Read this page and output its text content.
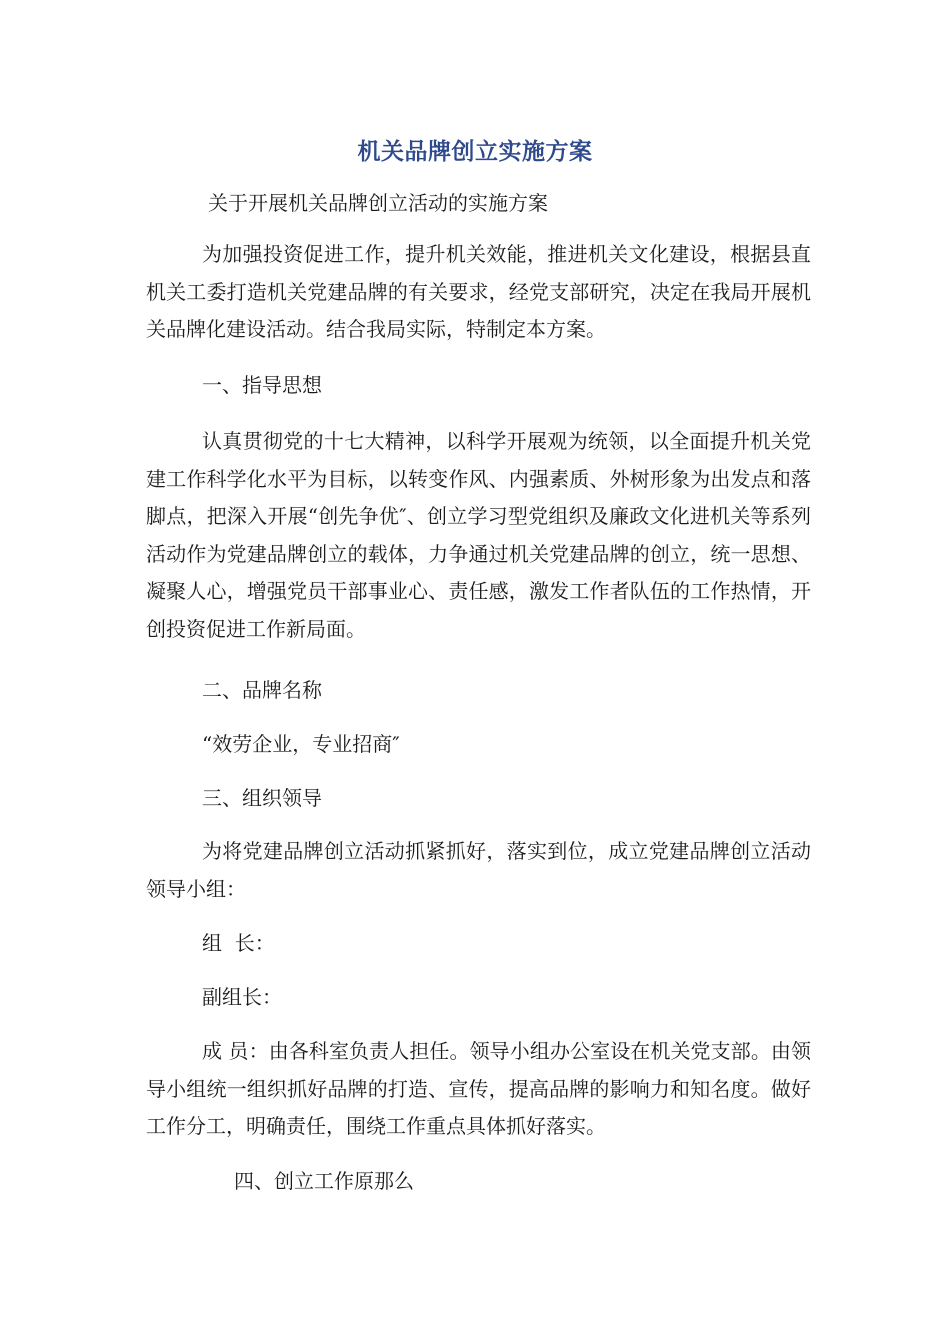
机关品牌创立实施方案

关于开展机关品牌创立活动的实施方案

为加强投资促进工作，提升机关效能，推进机关文化建设，根据县直机关工委打造机关党建品牌的有关要求，经党支部研究，决定在我局开展机关品牌化建设活动。结合我局实际，特制定本方案。

一、指导思想

认真贯彻党的十七大精神，以科学开展观为统领，以全面提升机关党建工作科学化水平为目标，以转变作风、内强素质、外树形象为出发点和落脚点，把深入开展“创先争优″、创立学习型党组织及廉政文化进机关等系列活动作为党建品牌创立的载体，力争通过机关党建品牌的创立，统一思想、凝聚人心，增强党员干部事业心、责任感，激发工作者队伍的工作热情，开创投资促进工作新局面。

二、品牌名称

“效劳企业，专业招商″

三、组织领导

为将党建品牌创立活动抓紧抓好，落实到位，成立党建品牌创立活动领导小组：

组  长：

副组长：

成 员：由各科室负责人担任。领导小组办公室设在机关党支部。由领导小组统一组织抓好品牌的打造、宣传，提高品牌的影响力和知名度。做好工作分工，明确责任，围绕工作重点具体抓好落实。

四、创立工作原那么
